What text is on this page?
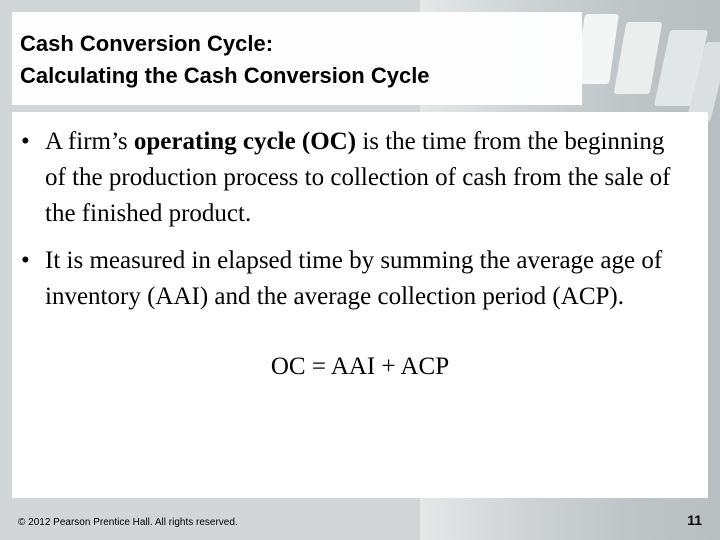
Cash Conversion Cycle:
Calculating the Cash Conversion Cycle
• A firm’s operating cycle (OC) is the time from the beginning of the production process to collection of cash from the sale of the finished product.
• It is measured in elapsed time by summing the average age of inventory (AAI) and the average collection period (ACP).
OC = AAI + ACP
© 2012 Pearson Prentice Hall. All rights reserved.	11
